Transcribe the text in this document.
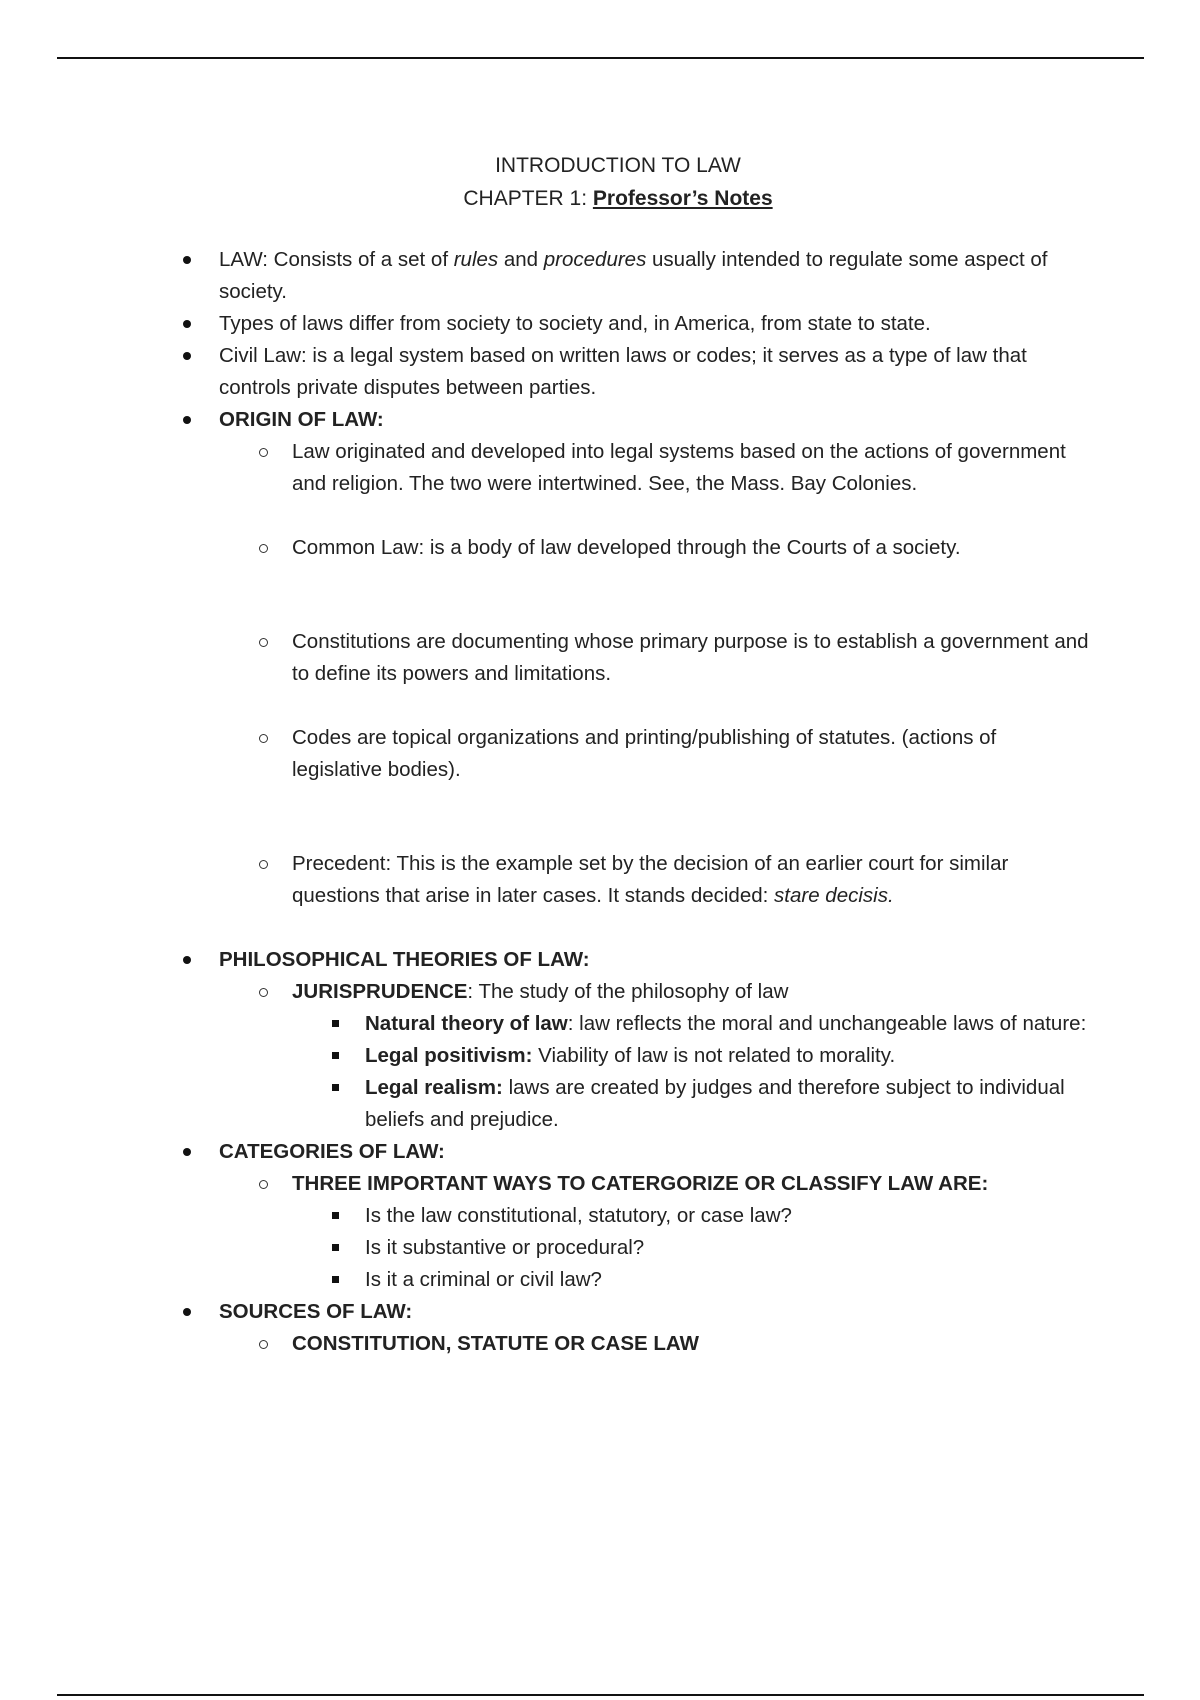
INTRODUCTION TO LAW
CHAPTER 1: Professor’s Notes
LAW: Consists of a set of rules and procedures usually intended to regulate some aspect of society.
Types of laws differ from society to society and, in America, from state to state.
Civil Law: is a legal system based on written laws or codes; it serves as a type of law that controls private disputes between parties.
ORIGIN OF LAW:
Law originated and developed into legal systems based on the actions of government and religion. The two were intertwined. See, the Mass. Bay Colonies.
Common Law: is a body of law developed through the Courts of a society.
Constitutions are documenting whose primary purpose is to establish a government and to define its powers and limitations.
Codes are topical organizations and printing/publishing of statutes. (actions of legislative bodies).
Precedent: This is the example set by the decision of an earlier court for similar questions that arise in later cases. It stands decided: stare decisis.
PHILOSOPHICAL THEORIES OF LAW:
JURISPRUDENCE: The study of the philosophy of law
Natural theory of law: law reflects the moral and unchangeable laws of nature:
Legal positivism: Viability of law is not related to morality.
Legal realism: laws are created by judges and therefore subject to individual beliefs and prejudice.
CATEGORIES OF LAW:
THREE IMPORTANT WAYS TO CATERGORIZE OR CLASSIFY LAW ARE:
Is the law constitutional, statutory, or case law?
Is it substantive or procedural?
Is it a criminal or civil law?
SOURCES OF LAW:
CONSTITUTION, STATUTE OR CASE LAW
